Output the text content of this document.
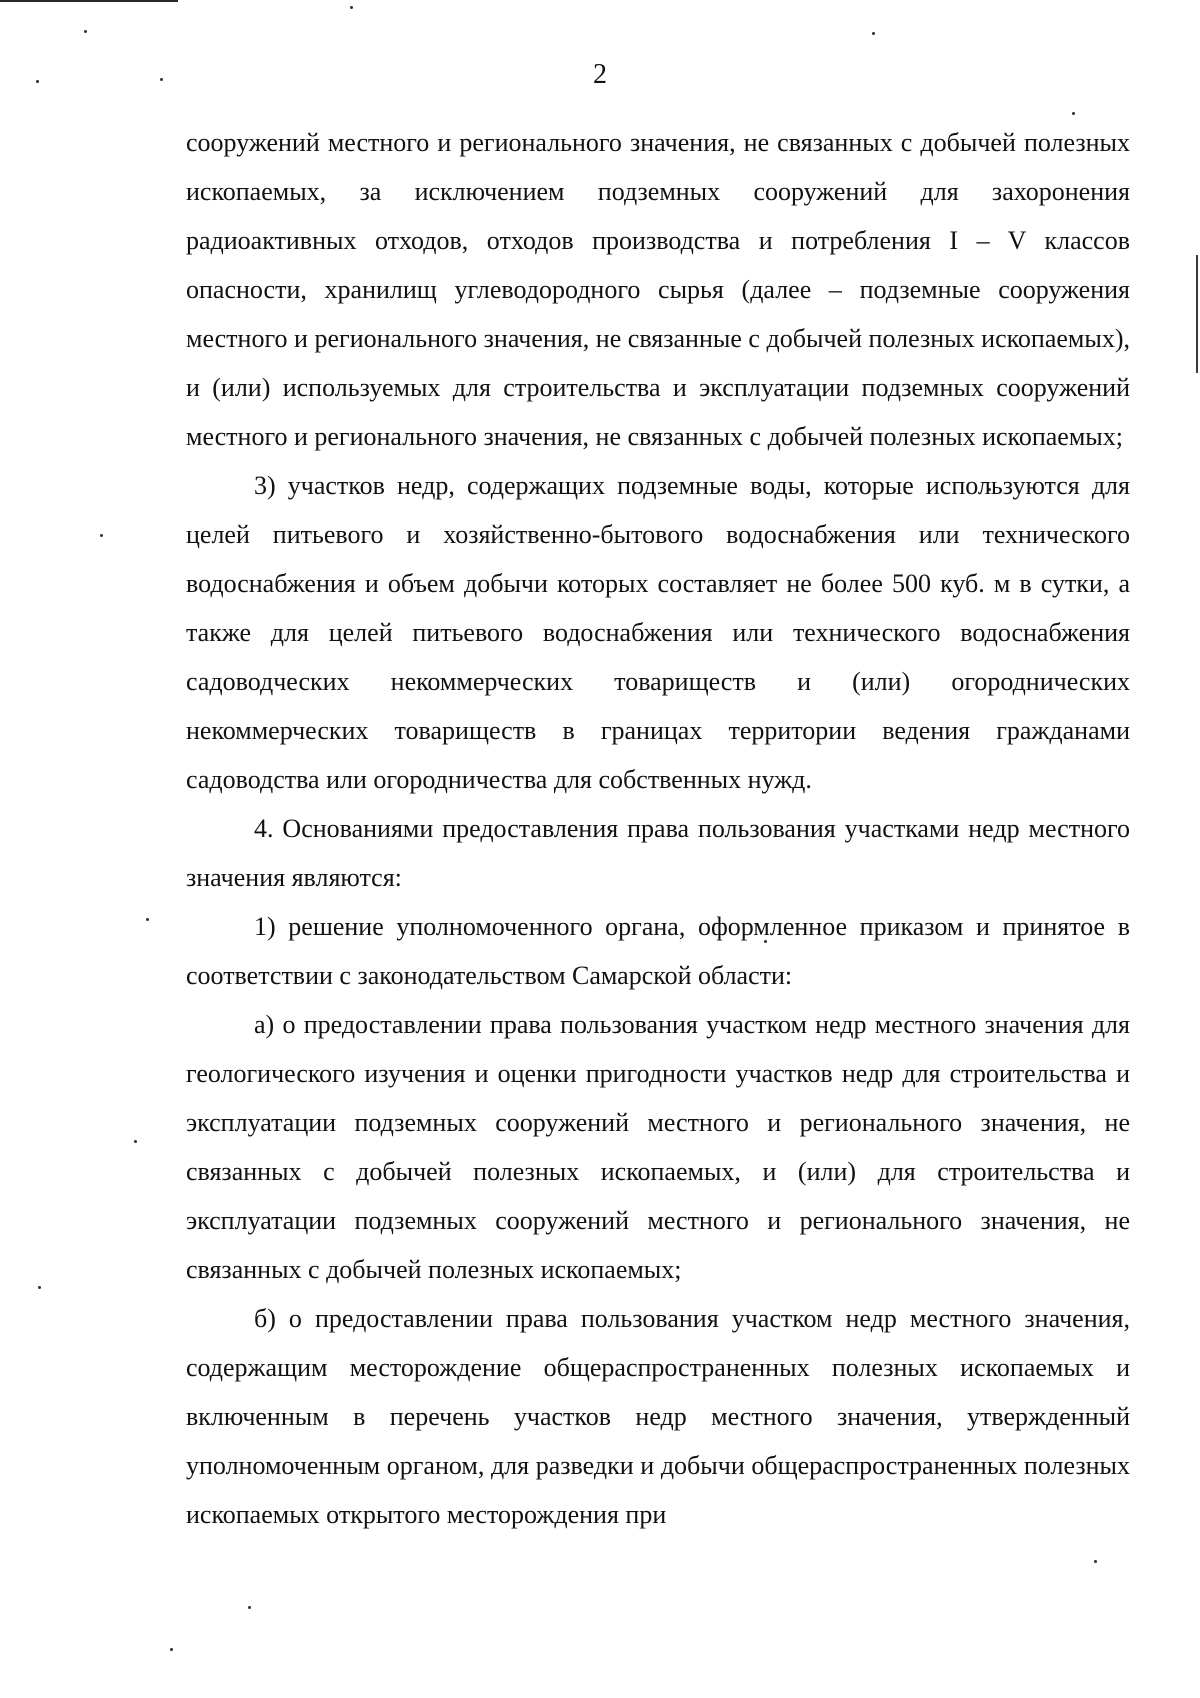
2

сооружений местного и регионального значения, не связанных с добычей полезных ископаемых, за исключением подземных сооружений для захоронения радиоактивных отходов, отходов производства и потребления I – V классов опасности, хранилищ углеводородного сырья (далее – подземные сооружения местного и регионального значения, не связанные с добычей полезных ископаемых), и (или) используемых для строительства и эксплуатации подземных сооружений местного и регионального значения, не связанных с добычей полезных ископаемых;

3) участков недр, содержащих подземные воды, которые используются для целей питьевого и хозяйственно-бытового водоснабжения или технического водоснабжения и объем добычи которых составляет не более 500 куб. м в сутки, а также для целей питьевого водоснабжения или технического водоснабжения садоводческих некоммерческих товариществ и (или) огороднических некоммерческих товариществ в границах территории ведения гражданами садоводства или огородничества для собственных нужд.

4. Основаниями предоставления права пользования участками недр местного значения являются:

1) решение уполномоченного органа, оформленное приказом и принятое в соответствии с законодательством Самарской области:

а) о предоставлении права пользования участком недр местного значения для геологического изучения и оценки пригодности участков недр для строительства и эксплуатации подземных сооружений местного и регионального значения, не связанных с добычей полезных ископаемых, и (или) для строительства и эксплуатации подземных сооружений местного и регионального значения, не связанных с добычей полезных ископаемых;

б) о предоставлении права пользования участком недр местного значения, содержащим месторождение общераспространенных полезных ископаемых и включенным в перечень участков недр местного значения, утвержденный уполномоченным органом, для разведки и добычи общераспространенных полезных ископаемых открытого месторождения при
